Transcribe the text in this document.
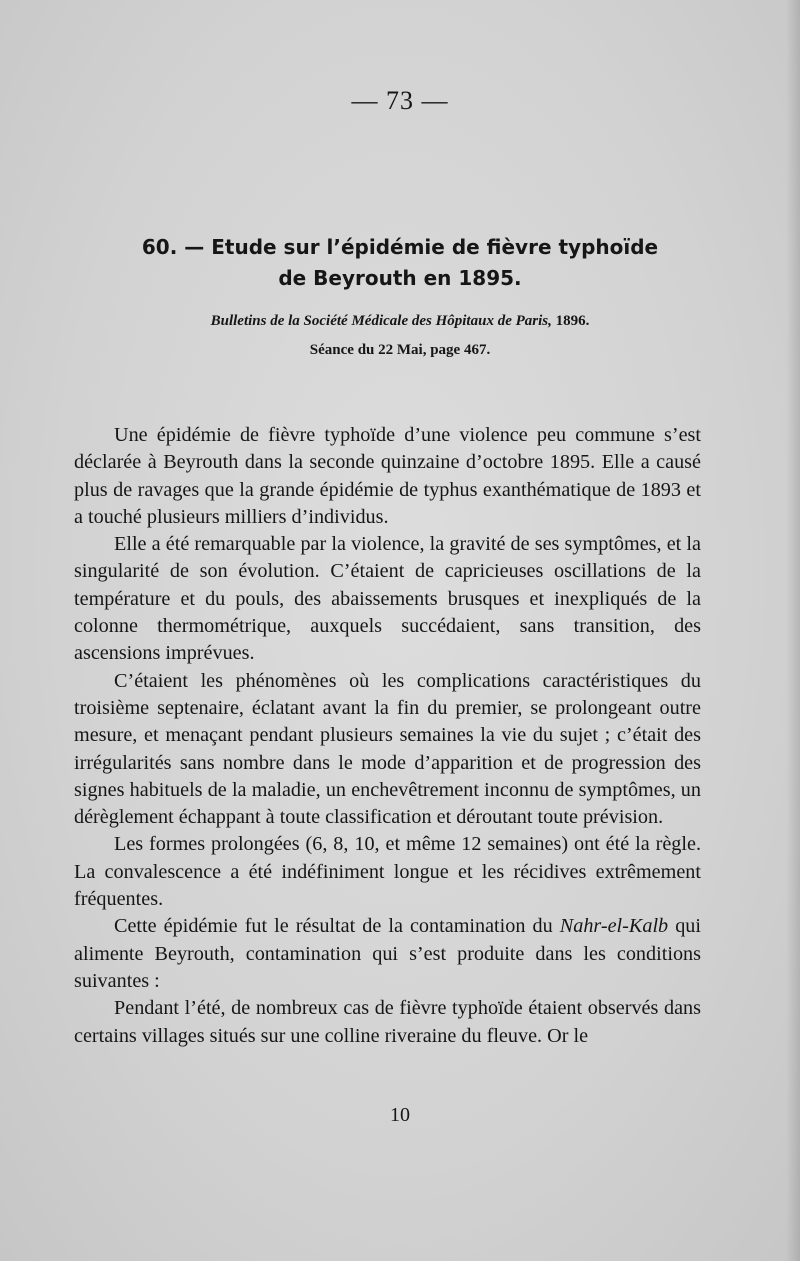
— 73 —
60. — Etude sur l’épidémie de fièvre typhoïde
de Beyrouth en 1895.
Bulletins de la Société Médicale des Hôpitaux de Paris, 1896.
Séance du 22 Mai, page 467.

Une épidémie de fièvre typhoïde d’une violence peu commune s’est déclarée à Beyrouth dans la seconde quinzaine d’octobre 1895. Elle a causé plus de ravages que la grande épidémie de typhus exanthématique de 1893 et a touché plusieurs milliers d’individus.

Elle a été remarquable par la violence, la gravité de ses symptômes, et la singularité de son évolution. C’étaient de capricieuses oscillations de la température et du pouls, des abaissements brusques et inexpliqués de la colonne thermométrique, auxquels succédaient, sans transition, des ascensions imprévues.

C’étaient les phénomènes où les complications caractéristiques du troisième septenaire, éclatant avant la fin du premier, se prolongeant outre mesure, et menaçant pendant plusieurs semaines la vie du sujet ; c’était des irrégularités sans nombre dans le mode d’apparition et de progression des signes habituels de la maladie, un enchevêtrement inconnu de symptômes, un dérèglement échappant à toute classification et déroutant toute prévision.

Les formes prolongées (6, 8, 10, et même 12 semaines) ont été la règle. La convalescence a été indéfiniment longue et les récidives extrêmement fréquentes.

Cette épidémie fut le résultat de la contamination du Nahr-el-Kalb qui alimente Beyrouth, contamination qui s’est produite dans les conditions suivantes :

Pendant l’été, de nombreux cas de fièvre typhoïde étaient observés dans certains villages situés sur une colline riveraine du fleuve. Or le

10
